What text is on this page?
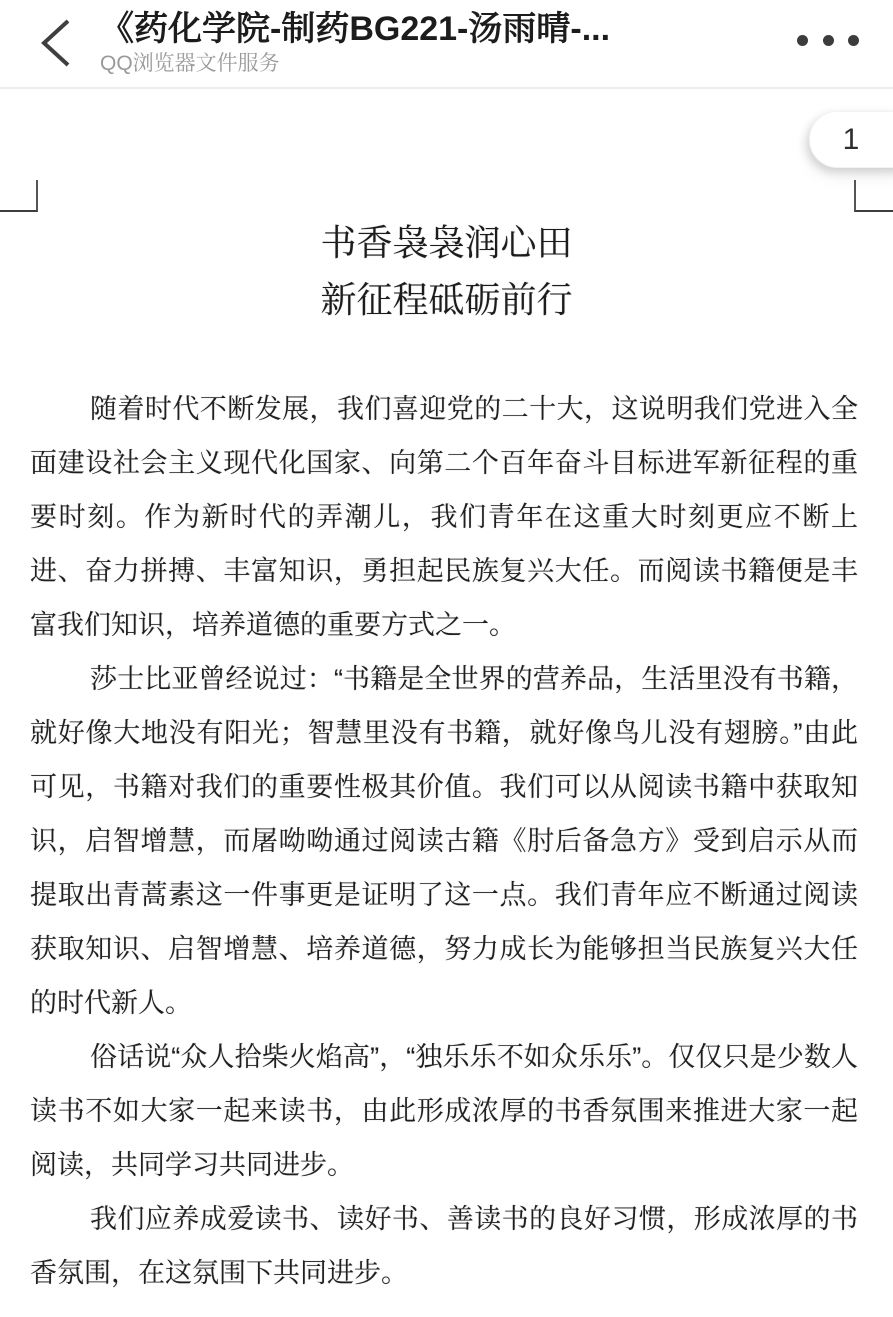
《药化学院-制药BG221-汤雨晴-...
QQ浏览器文件服务
1
书香袅袅润心田
新征程砥砺前行
随着时代不断发展，我们喜迎党的二十大，这说明我们党进入全
面建设社会主义现代化国家、向第二个百年奋斗目标进军新征程的重
要时刻。作为新时代的弄潮儿，我们青年在这重大时刻更应不断上
进、奋力拼搏、丰富知识，勇担起民族复兴大任。而阅读书籍便是丰
富我们知识，培养道德的重要方式之一。
莎士比亚曾经说过：“书籍是全世界的营养品，生活里没有书籍，
就好像大地没有阳光；智慧里没有书籍，就好像鸟儿没有翅膀。”由此
可见，书籍对我们的重要性极其价值。我们可以从阅读书籍中获取知
识，启智增慧，而屠呦呦通过阅读古籍《肘后备急方》受到启示从而
提取出青蒿素这一件事更是证明了这一点。我们青年应不断通过阅读
获取知识、启智增慧、培养道德，努力成长为能够担当民族复兴大任
的时代新人。
俗话说“众人拾柴火焰高”，“独乐乐不如众乐乐”。仅仅只是少数人
读书不如大家一起来读书，由此形成浓厚的书香氛围来推进大家一起
阅读，共同学习共同进步。
我们应养成爱读书、读好书、善读书的良好习惯，形成浓厚的书
香氛围，在这氛围下共同进步。
